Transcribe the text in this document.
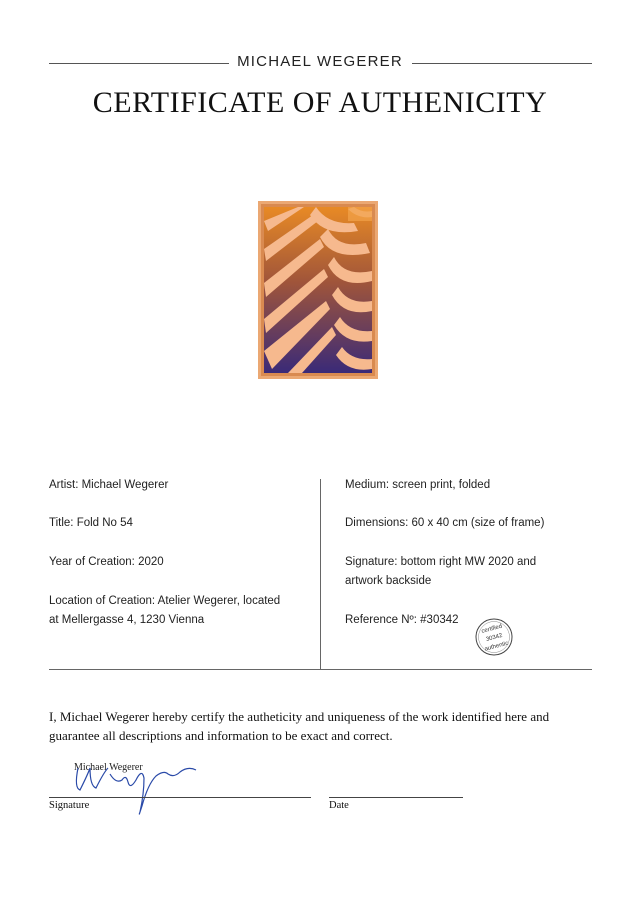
MICHAEL WEGERER
CERTIFICATE OF AUTHENICITY
Artist: Michael Wegerer
Title: Fold No 54
Year of Creation: 2020
Location of Creation: Atelier Wegerer, located
at Mellergasse 4, 1230 Vienna
Medium: screen print, folded
Dimensions: 60 x 40 cm (size of frame)
Signature: bottom right MW 2020 and
artwork backside
Reference Nº: #30342
certified
30342
authentic
I, Michael Wegerer hereby certify the autheticity and uniqueness of the work identified here and
guarantee all descriptions and information to be exact and correct.
Michael Wegerer
Signature	Date
